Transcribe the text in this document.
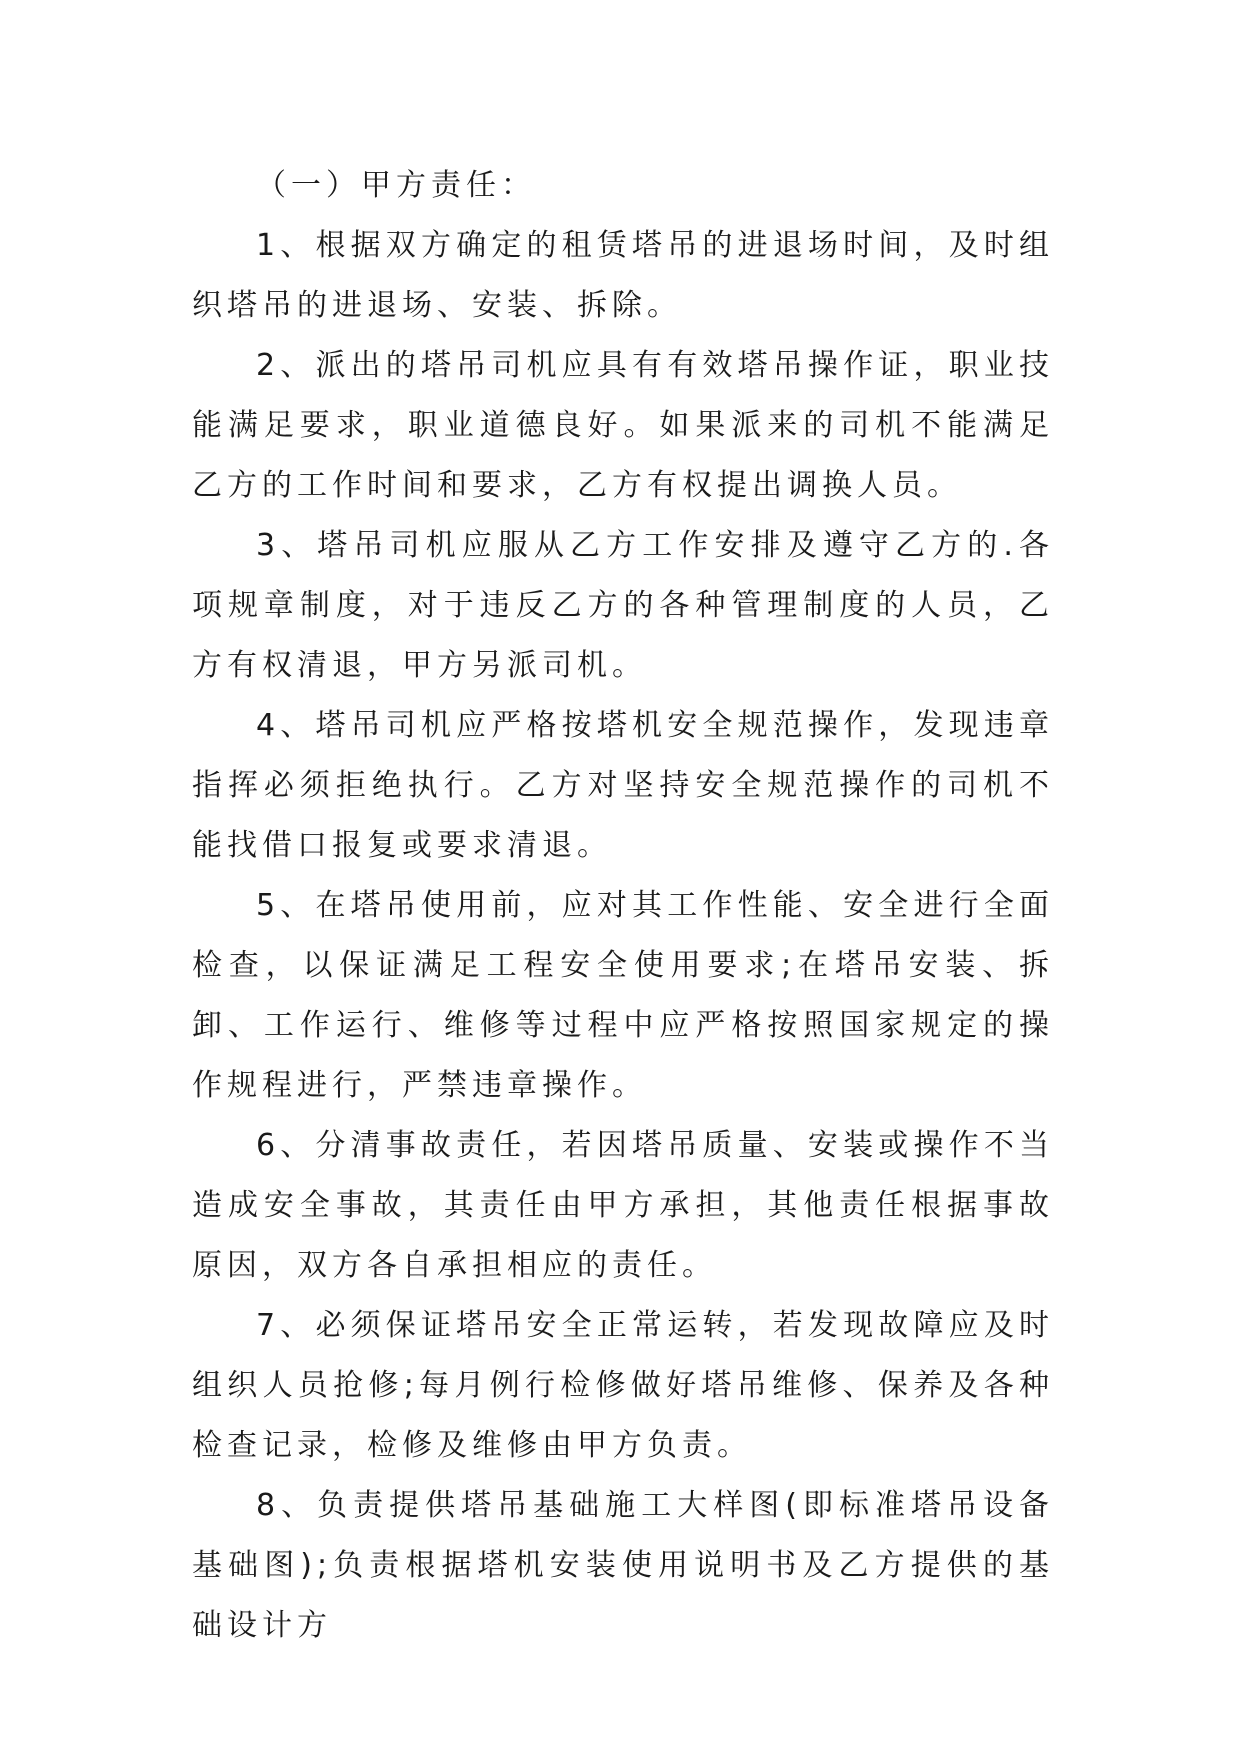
（一）甲方责任：

1、根据双方确定的租赁塔吊的进退场时间，及时组织塔吊的进退场、安装、拆除。

2、派出的塔吊司机应具有有效塔吊操作证，职业技能满足要求，职业道德良好。如果派来的司机不能满足乙方的工作时间和要求，乙方有权提出调换人员。

3、塔吊司机应服从乙方工作安排及遵守乙方的.各项规章制度，对于违反乙方的各种管理制度的人员，乙方有权清退，甲方另派司机。

4、塔吊司机应严格按塔机安全规范操作，发现违章指挥必须拒绝执行。乙方对坚持安全规范操作的司机不能找借口报复或要求清退。

5、在塔吊使用前，应对其工作性能、安全进行全面检查，以保证满足工程安全使用要求;在塔吊安装、拆卸、工作运行、维修等过程中应严格按照国家规定的操作规程进行，严禁违章操作。

6、分清事故责任，若因塔吊质量、安装或操作不当造成安全事故，其责任由甲方承担，其他责任根据事故原因，双方各自承担相应的责任。

7、必须保证塔吊安全正常运转，若发现故障应及时组织人员抢修;每月例行检修做好塔吊维修、保养及各种检查记录，检修及维修由甲方负责。

8、负责提供塔吊基础施工大样图(即标准塔吊设备基础图);负责根据塔机安装使用说明书及乙方提供的基础设计方
